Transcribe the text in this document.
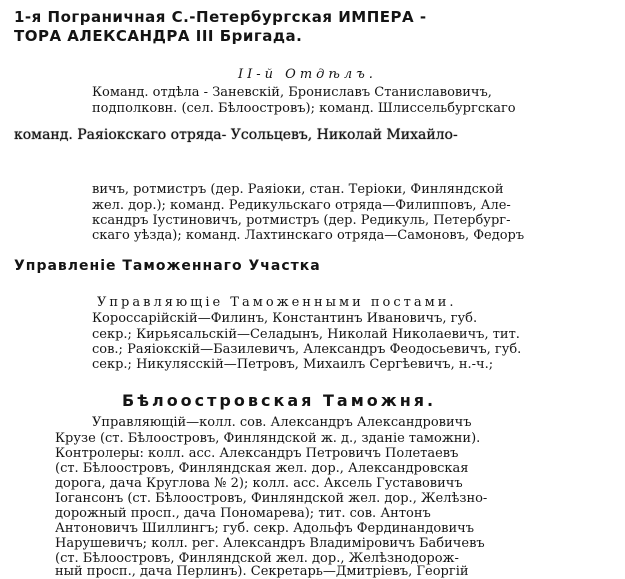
1-я Пограничная С.-Петербургская ИМПЕРА -
ТОРА АЛЕКСАНДРА III Бригада.
II-й Отдѣлъ.
Команд. отдѣла - Заневскій, Брониславъ Станиславовичъ,
подполковн. (сел. Бѣлоостровъ); команд. Шлиссельбургскаго
команд. Раяіокскаго отряда- Усольцевъ, Николай Михайло-
вичъ, ротмистръ (дер. Раяіоки, стан. Теріоки, Финляндской
жел. дор.); команд. Редикульскаго отряда—Филипповъ, Але-
ксандръ Іустиновичъ, ротмистръ (дер. Редикуль, Петербург-
скаго уѣзда); команд. Лахтинскаго отряда—Самоновъ, Федоръ
Управленіе Таможеннаго Участка
Управляющіе Таможенными постами.
Короссарійскій—Филинъ, Константинъ Ивановичъ, губ.
секр.; Кирьясальскій—Селадынъ, Николай Николаевичъ, тит.
сов.; Раяіокскій—Базилевичъ, Александръ Феодосьевичъ, губ.
секр.; Никулясскій—Петровъ, Михаилъ Сергѣевичъ, н.-ч.;
Бѣлоостровская Таможня.
Управляющій—колл. сов. Александръ Александровичъ
Крузе (ст. Бѣлоостровъ, Финляндской ж. д., зданіе таможни).
Контролеры: колл. асс. Александръ Петровичъ Полетаевъ
(ст. Бѣлоостровъ, Финляндская жел. дор., Александровская
дорога, дача Круглова № 2); колл. асс. Аксель Густавовичъ
Іогансонъ (ст. Бѣлоостровъ, Финляндской жел. дор., Желѣзно-
дорожный просп., дача Пономарева); тит. сов. Антонъ
Антоновичъ Шиллингъ; губ. секр. Адольфъ Фердинандовичъ
Нарушевичъ; колл. рег. Александръ Владиміровичъ Бабичевъ
(ст. Бѣлоостровъ, Финляндской жел. дор., Желѣзнодорож-
ный просп., дача Перлинъ). Секретарь—Дмитріевъ, Георгій
